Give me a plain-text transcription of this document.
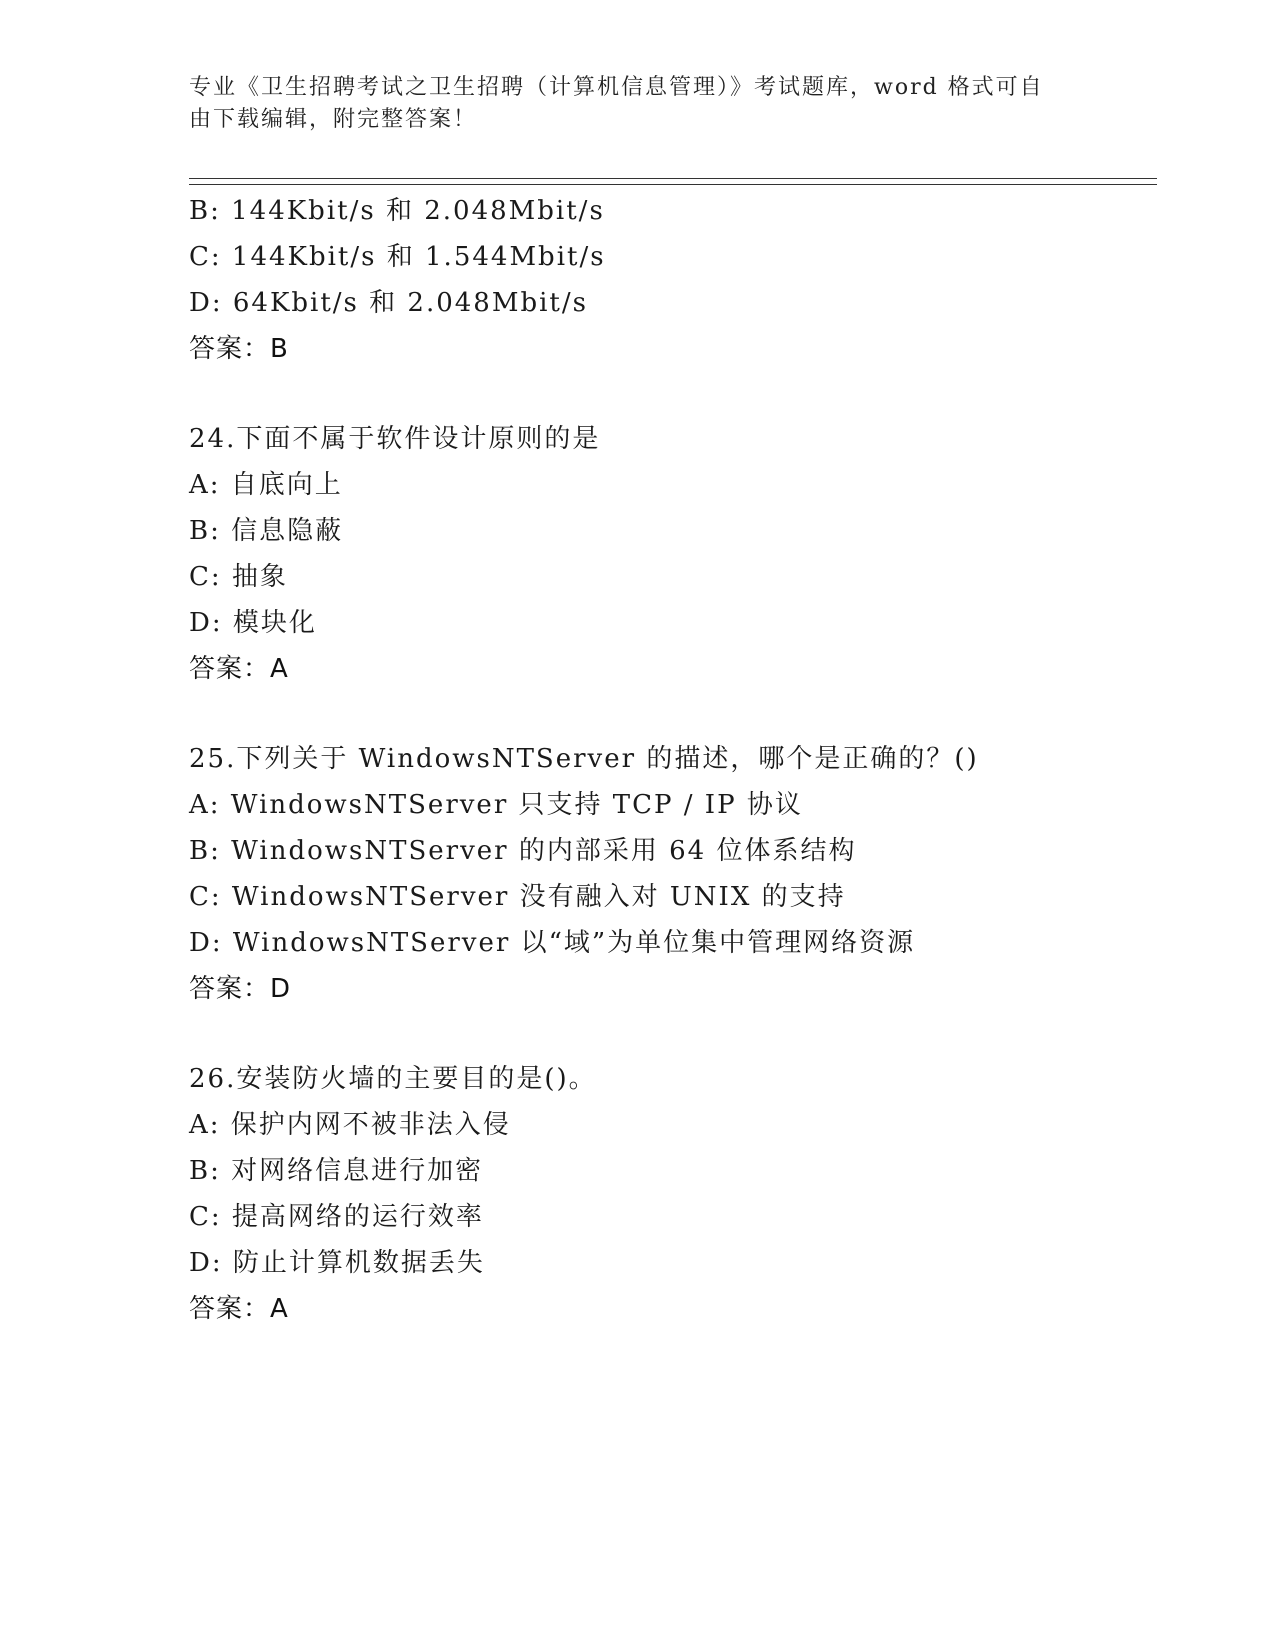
专业《卫生招聘考试之卫生招聘（计算机信息管理）》考试题库，word 格式可自
由下载编辑，附完整答案！
B: 144Kbit/s 和 2.048Mbit/s
C: 144Kbit/s 和 1.544Mbit/s
D: 64Kbit/s 和 2.048Mbit/s
答案：B
24.下面不属于软件设计原则的是
A: 自底向上
B: 信息隐蔽
C: 抽象
D: 模块化
答案：A
25.下列关于 WindowsNTServer 的描述，哪个是正确的？()
A: WindowsNTServer 只支持 TCP / IP 协议
B: WindowsNTServer 的内部采用 64 位体系结构
C: WindowsNTServer 没有融入对 UNIX 的支持
D: WindowsNTServer 以“域”为单位集中管理网络资源
答案：D
26.安装防火墙的主要目的是()。
A: 保护内网不被非法入侵
B: 对网络信息进行加密
C: 提高网络的运行效率
D: 防止计算机数据丢失
答案：A
